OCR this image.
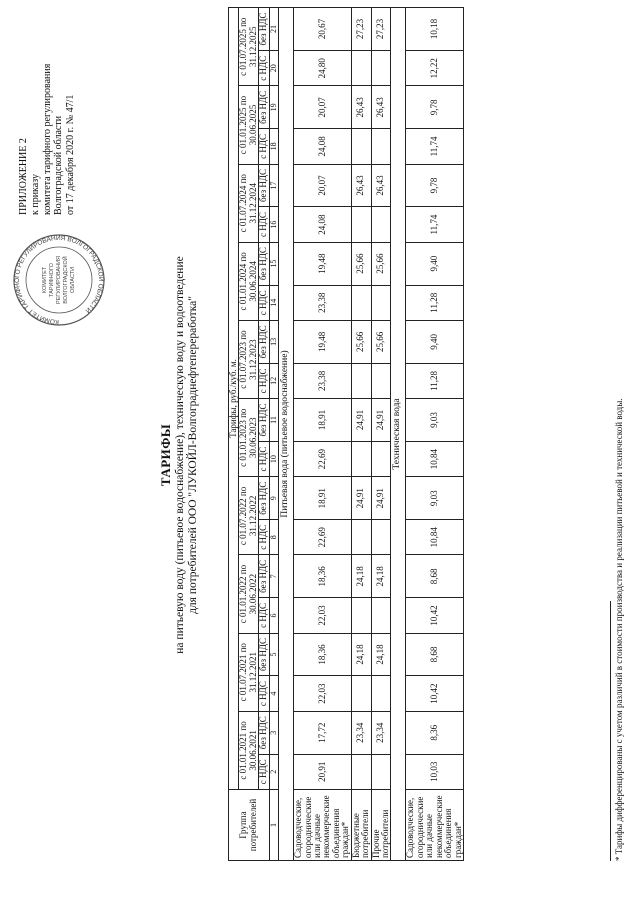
ПРИЛОЖЕНИЕ 2 к приказу комитета тарифного регулирования Волгоградской области от 17 декабря 2020 г. № 47/1
КОМИТЕТ ТАРИФНОГО РЕГУЛИРОВАНИЯ ВОЛГОГРАДСКОЙ ОБЛАСТИ
КОМИТЕТ ТАРИФНОГО РЕГУЛИРОВАНИЯ ВОЛГОГРАДСКОЙ ОБЛАСТИ
ТАРИФЫ на питьевую воду (питьевое водоснабжение), техническую воду и водоотведение для потребителей ООО "ЛУКОЙЛ-Волгограднефтепереработка"
Группа потребителей	Тарифы, руб./куб. м.																			
	с 01.01.2021 по 30.06.2021		с 01.07.2021 по 31.12.2021		с 01.01.2022 по 30.06.2022		с 01.07.2022 по 31.12.2022		с 01.01.2023 по 30.06.2023		с 01.07.2023 по 31.12.2023		с 01.01.2024 по 30.06.2024		с 01.07.2024 по 31.12.2024		с 01.01.2025 по 30.06.2025		с 01.07.2025 по 31.12.2025	
	с НДС	без НДС	с НДС	без НДС	с НДС	без НДС	с НДС	без НДС	с НДС	без НДС	с НДС	без НДС	с НДС	без НДС	с НДС	без НДС	с НДС	без НДС	с НДС	без НДС
1	2	3	4	5	6	7	8	9	10	11	12	13	14	15	16	17	18	19	20	21
Питьевая вода (питьевое водоснабжение)																				
Садоводческие, огороднические или дачные некоммерческие объединения граждан*	20,91	17,72	22,03	18,36	22,03	18,36	22,69	18,91	22,69	18,91	23,38	19,48	23,38	19,48	24,08	20,07	24,08	20,07	24,80	20,67
Бюджетные потребители		23,34		24,18		24,18		24,91		24,91		25,66		25,66		26,43		26,43		27,23
Прочие потребители		23,34		24,18		24,18		24,91		24,91		25,66		25,66		26,43		26,43		27,23
Техническая вода																				
Садоводческие, огороднические или дачные некоммерческие объединения граждан*	10,03	8,36	10,42	8,68	10,42	8,68	10,84	9,03	10,84	9,03	11,28	9,40	11,28	9,40	11,74	9,78	11,74	9,78	12,22	10,18
* Тарифы дифференцированы с учетом различий в стоимости производства и реализации питьевой и технической воды.
